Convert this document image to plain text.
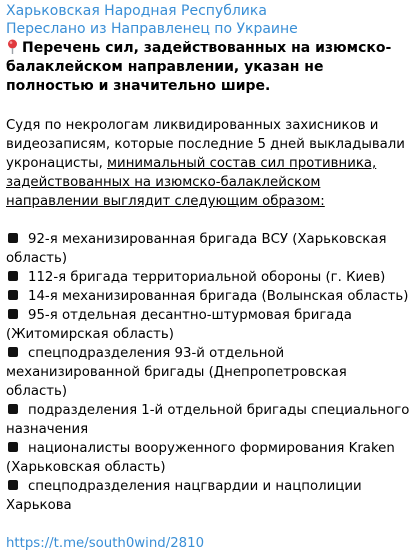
Харьковская Народная Республика
Переслано из Направленец по Украине
Перечень сил, задействованных на изюмско-балаклейском направлении, указан не полностью и значительно шире.
Судя по некрологам ликвидированных захисников и видеозаписям, которые последние 5 дней выкладывали укронацисты, минимальный состав сил противника, задействованных на изюмско-балаклейском направлении выглядит следующим образом:
92-я механизированная бригада ВСУ (Харьковская область)
112-я бригада территориальной обороны (г. Киев)
14-я механизированная бригада (Волынская область)
95-я отдельная десантно-штурмовая бригада (Житомирская область)
спецподразделения 93-й отдельной механизированной бригады (Днепропетровская область)
подразделения 1-й отдельной бригады специального назначения
националисты вооруженного формирования Kraken (Харьковская область)
спецподразделения нацгвардии и нацполиции Харькова
https://t.me/south0wind/2810
